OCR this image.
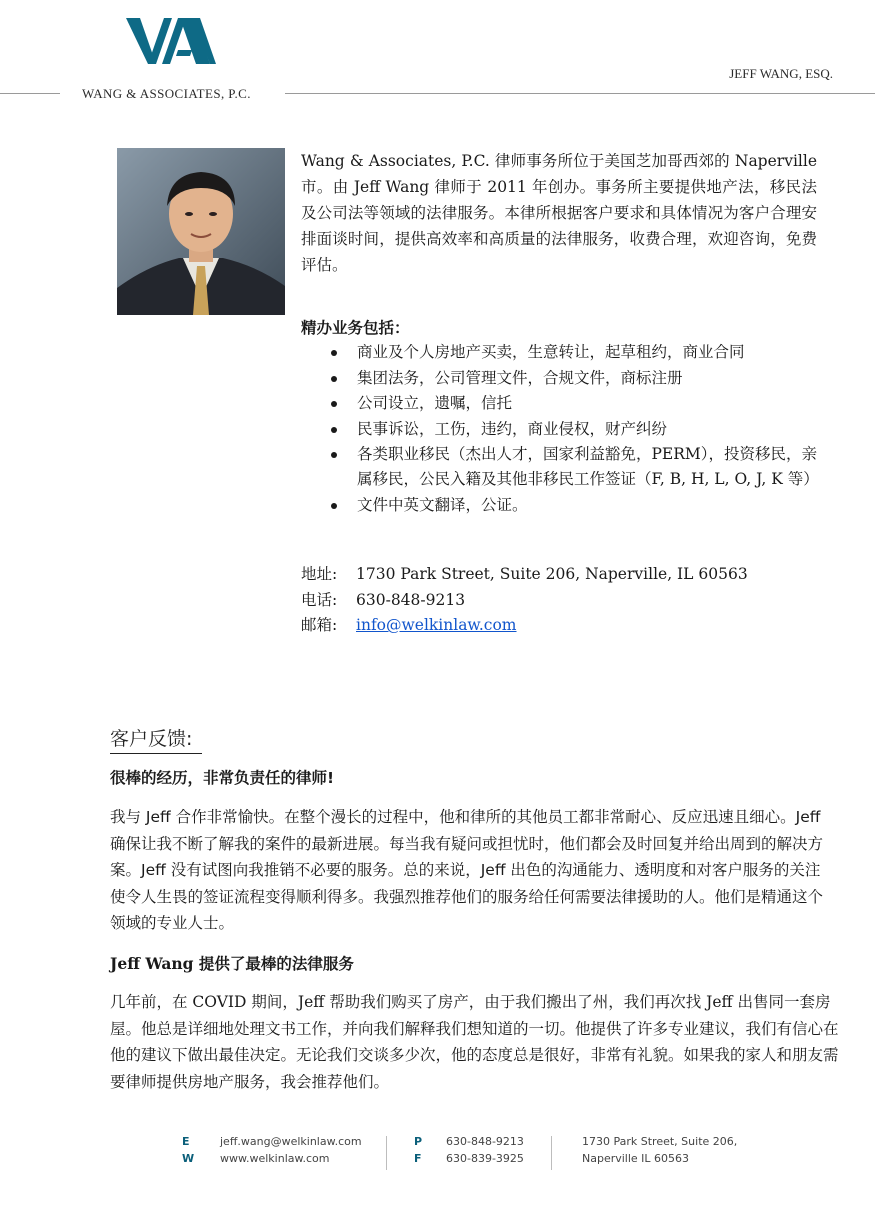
WANG & ASSOCIATES, P.C.
JEFF WANG, ESQ.

Wang & Associates, P.C. 律师事务所位于美国芝加哥西郊的 Naperville 市。由 Jeff Wang 律师于 2011 年创办。事务所主要提供地产法，移民法及公司法等领域的法律服务。本律所根据客户要求和具体情况为客户合理安排面谈时间，提供高效率和高质量的法律服务，收费合理，欢迎咨询，免费评估。

精办业务包括：
商业及个人房地产买卖，生意转让，起草租约，商业合同
集团法务，公司管理文件，合规文件，商标注册
公司设立，遗嘱，信托
民事诉讼，工伤，违约，商业侵权，财产纠纷
各类职业移民（杰出人才，国家利益豁免，PERM），投资移民，亲属移民，公民入籍及其他非移民工作签证（F, B, H, L, O, J, K 等）
文件中英文翻译，公证。
地址: 1730 Park Street, Suite 206, Naperville, IL 60563
电话: 630-848-9213
邮箱: info@welkinlaw.com
客户反馈:
很棒的经历，非常负责任的律师!

我与 Jeff 合作非常愉快。在整个漫长的过程中，他和律所的其他员工都非常耐心、反应迅速且细心。Jeff 确保让我不断了解我的案件的最新进展。每当我有疑问或担忧时，他们都会及时回复并给出周到的解决方案。Jeff 没有试图向我推销不必要的服务。总的来说，Jeff 出色的沟通能力、透明度和对客户服务的关注使令人生畏的签证流程变得顺利得多。我强烈推荐他们的服务给任何需要法律援助的人。他们是精通这个领域的专业人士。

Jeff Wang 提供了最棒的法律服务

几年前，在 COVID 期间，Jeff 帮助我们购买了房产，由于我们搬出了州，我们再次找 Jeff 出售同一套房屋。他总是详细地处理文书工作，并向我们解释我们想知道的一切。他提供了许多专业建议，我们有信心在他的建议下做出最佳决定。无论我们交谈多少次，他的态度总是很好，非常有礼貌。如果我的家人和朋友需要律师提供房地产服务，我会推荐他们。

E
W
jeff.wang@welkinlaw.com
www.welkinlaw.com
P
F
630-848-9213
630-839-3925
1730 Park Street, Suite 206,
Naperville IL 60563
